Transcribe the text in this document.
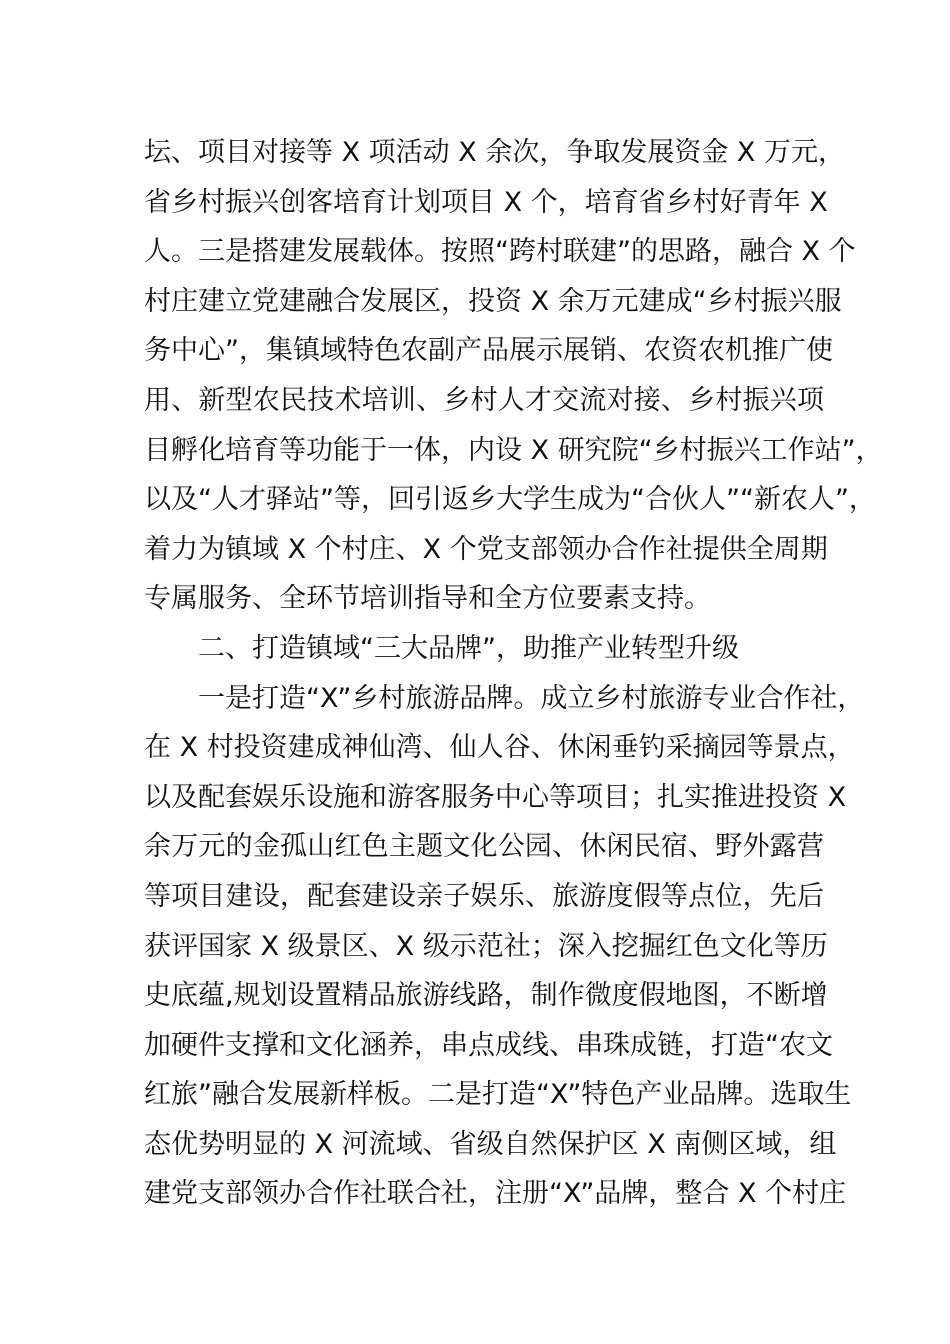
坛、项目对接等 X 项活动 X 余次，争取发展资金 X 万元，
省乡村振兴创客培育计划项目 X 个，培育省乡村好青年 X
人。三是搭建发展载体。按照“跨村联建”的思路，融合 X 个
村庄建立党建融合发展区，投资 X 余万元建成“乡村振兴服
务中心”，集镇域特色农副产品展示展销、农资农机推广使
用、新型农民技术培训、乡村人才交流对接、乡村振兴项
目孵化培育等功能于一体，内设 X 研究院“乡村振兴工作站”，
以及“人才驿站”等，回引返乡大学生成为“合伙人”“新农人”，
着力为镇域 X 个村庄、X 个党支部领办合作社提供全周期
专属服务、全环节培训指导和全方位要素支持。
二、打造镇域“三大品牌”，助推产业转型升级
一是打造“X”乡村旅游品牌。成立乡村旅游专业合作社，
在 X 村投资建成神仙湾、仙人谷、休闲垂钓采摘园等景点，
以及配套娱乐设施和游客服务中心等项目；扎实推进投资 X
余万元的金孤山红色主题文化公园、休闲民宿、野外露营
等项目建设，配套建设亲子娱乐、旅游度假等点位，先后
获评国家 X 级景区、X 级示范社；深入挖掘红色文化等历
史底蕴,规划设置精品旅游线路，制作微度假地图，不断增
加硬件支撑和文化涵养，串点成线、串珠成链，打造“农文
红旅”融合发展新样板。二是打造“X”特色产业品牌。选取生
态优势明显的 X 河流域、省级自然保护区 X 南侧区域，组
建党支部领办合作社联合社，注册“X”品牌，整合 X 个村庄
